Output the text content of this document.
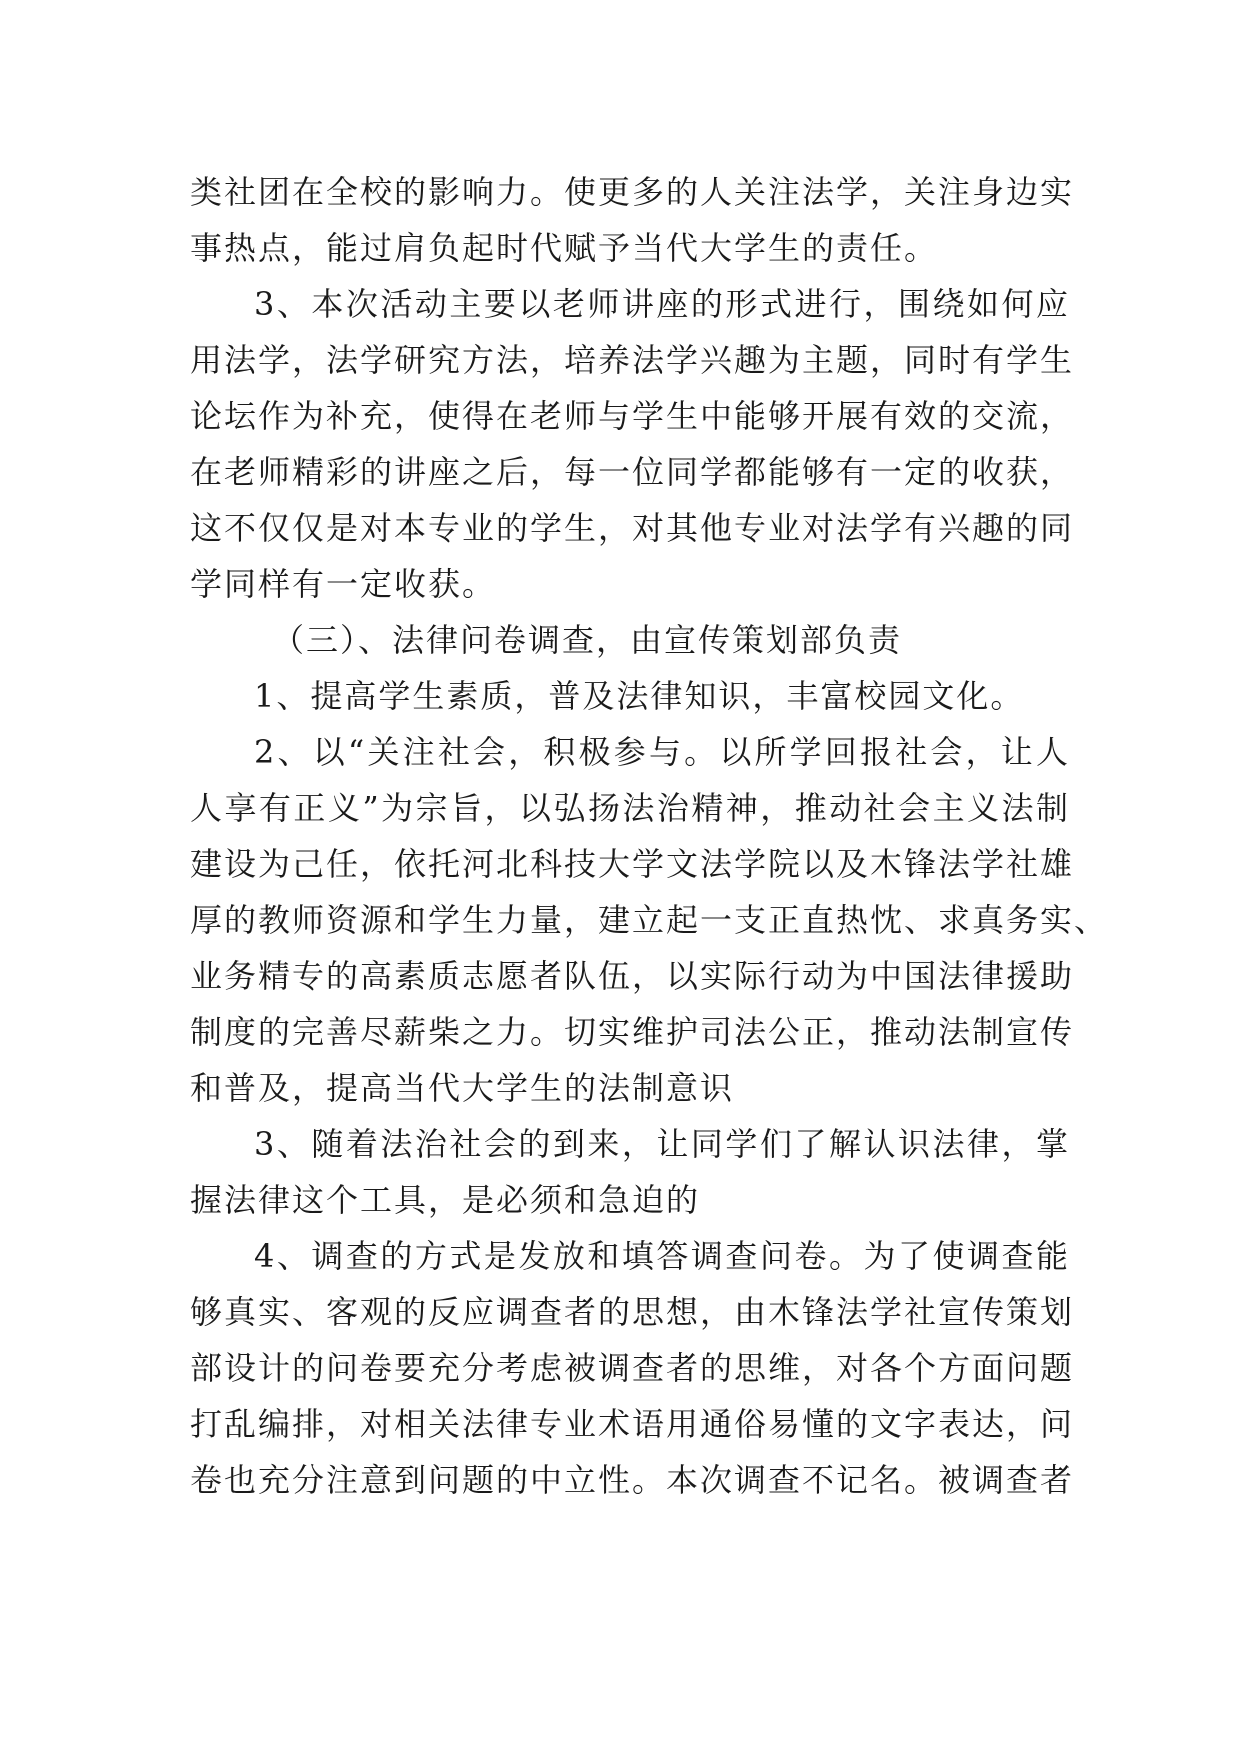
类社团在全校的影响力。使更多的人关注法学，关注身边实
事热点，能过肩负起时代赋予当代大学生的责任。
3、本次活动主要以老师讲座的形式进行，围绕如何应
用法学，法学研究方法，培养法学兴趣为主题，同时有学生
论坛作为补充，使得在老师与学生中能够开展有效的交流，
在老师精彩的讲座之后，每一位同学都能够有一定的收获，
这不仅仅是对本专业的学生，对其他专业对法学有兴趣的同
学同样有一定收获。
（三）、法律问卷调查，由宣传策划部负责
1、提高学生素质，普及法律知识，丰富校园文化。
2、以“关注社会，积极参与。以所学回报社会，让人
人享有正义”为宗旨，以弘扬法治精神，推动社会主义法制
建设为己任，依托河北科技大学文法学院以及木锋法学社雄
厚的教师资源和学生力量，建立起一支正直热忱、求真务实、
业务精专的高素质志愿者队伍，以实际行动为中国法律援助
制度的完善尽薪柴之力。切实维护司法公正，推动法制宣传
和普及，提高当代大学生的法制意识
3、随着法治社会的到来，让同学们了解认识法律，掌
握法律这个工具，是必须和急迫的
4、调查的方式是发放和填答调查问卷。为了使调查能
够真实、客观的反应调查者的思想，由木锋法学社宣传策划
部设计的问卷要充分考虑被调查者的思维，对各个方面问题
打乱编排，对相关法律专业术语用通俗易懂的文字表达，问
卷也充分注意到问题的中立性。本次调查不记名。被调查者
